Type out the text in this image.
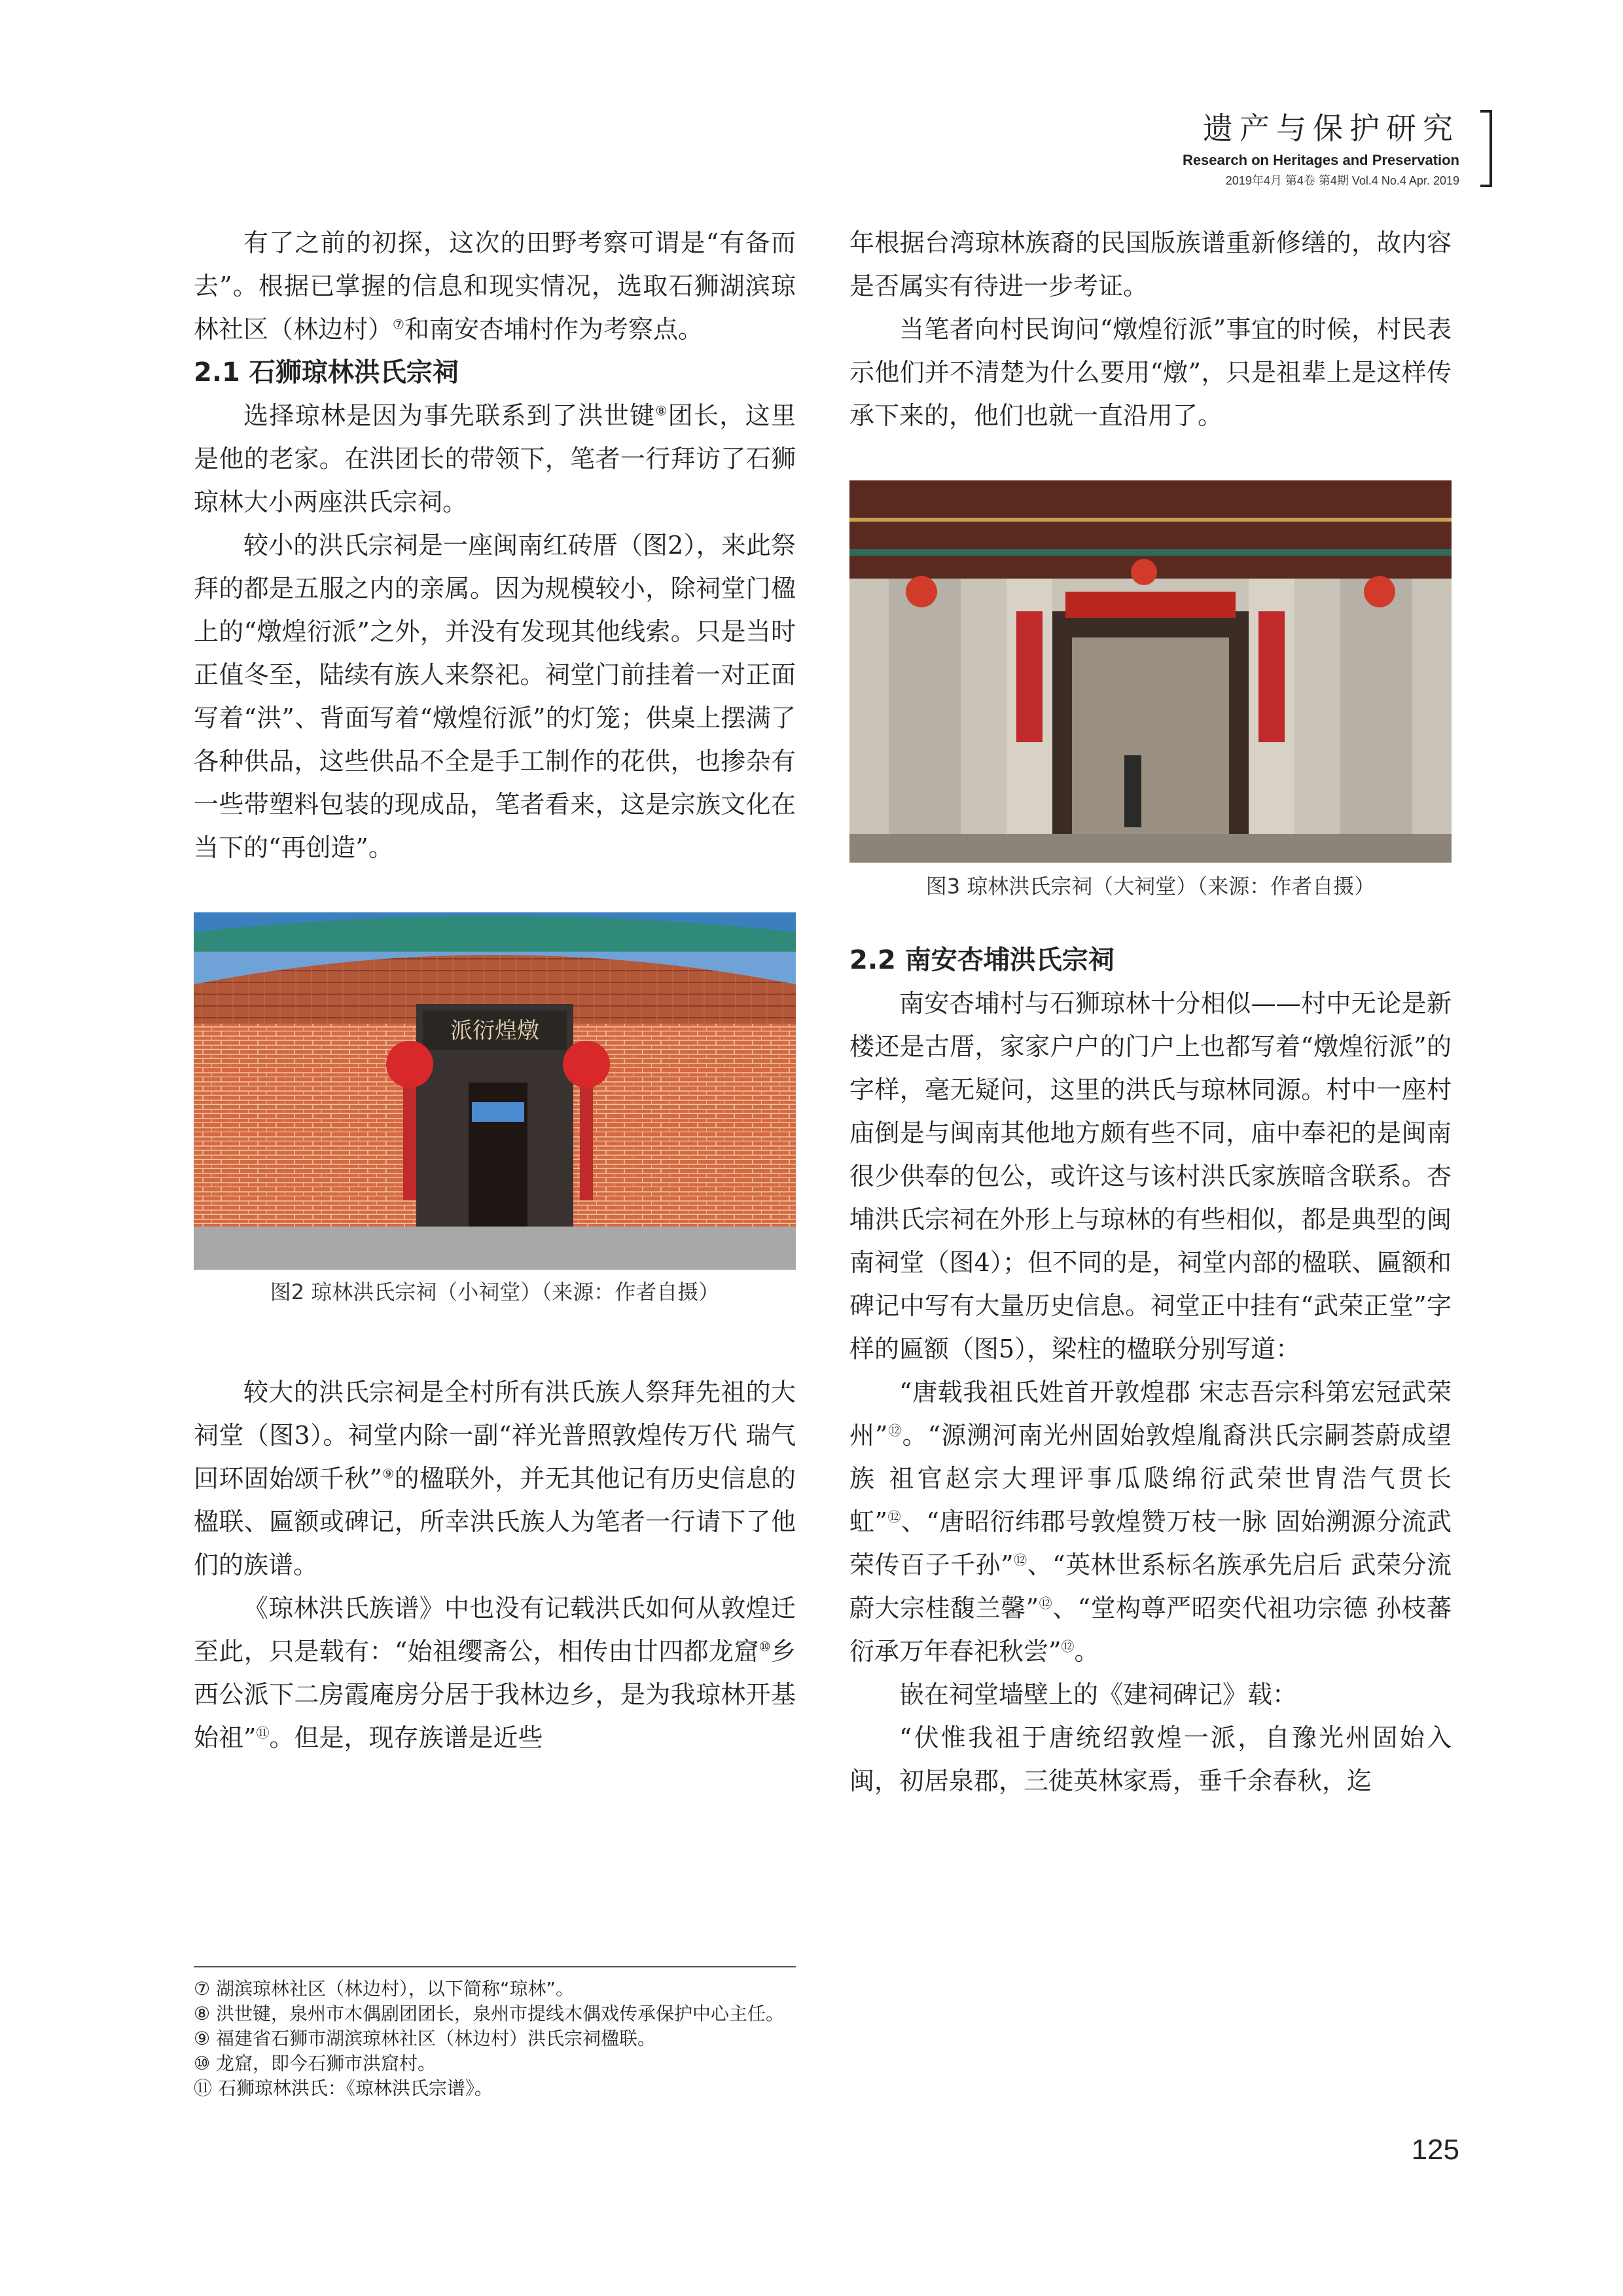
遗产与保护研究
Research on Heritages and Preservation
2019年4月 第4卷 第4期 Vol.4 No.4 Apr. 2019

有了之前的初探，这次的田野考察可谓是“有备而去”。根据已掌握的信息和现实情况，选取石狮湖滨琼林社区（林边村）⑦和南安杏埔村作为考察点。

2.1 石狮琼林洪氏宗祠

选择琼林是因为事先联系到了洪世键⑧团长，这里是他的老家。在洪团长的带领下，笔者一行拜访了石狮琼林大小两座洪氏宗祠。

较小的洪氏宗祠是一座闽南红砖厝（图2），来此祭拜的都是五服之内的亲属。因为规模较小，除祠堂门楹上的“燉煌衍派”之外，并没有发现其他线索。只是当时正值冬至，陆续有族人来祭祀。祠堂门前挂着一对正面写着“洪”、背面写着“燉煌衍派”的灯笼；供桌上摆满了各种供品，这些供品不全是手工制作的花供，也掺杂有一些带塑料包装的现成品，笔者看来，这是宗族文化在当下的“再创造”。

派衍煌燉
图2 琼林洪氏宗祠（小祠堂）（来源：作者自摄）

较大的洪氏宗祠是全村所有洪氏族人祭拜先祖的大祠堂（图3）。祠堂内除一副“祥光普照敦煌传万代 瑞气回环固始颂千秋”⑨的楹联外，并无其他记有历史信息的楹联、匾额或碑记，所幸洪氏族人为笔者一行请下了他们的族谱。

《琼林洪氏族谱》中也没有记载洪氏如何从敦煌迁至此，只是载有：“始祖缨斋公，相传由廿四都龙窟⑩乡西公派下二房霞庵房分居于我林边乡，是为我琼林开基始祖”⑪。但是，现存族谱是近些

年根据台湾琼林族裔的民国版族谱重新修缮的，故内容是否属实有待进一步考证。

当笔者向村民询问“燉煌衍派”事宜的时候，村民表示他们并不清楚为什么要用“燉”，只是祖辈上是这样传承下来的，他们也就一直沿用了。

图3 琼林洪氏宗祠（大祠堂）（来源：作者自摄）
2.2 南安杏埔洪氏宗祠

南安杏埔村与石狮琼林十分相似——村中无论是新楼还是古厝，家家户户的门户上也都写着“燉煌衍派”的字样，毫无疑问，这里的洪氏与琼林同源。村中一座村庙倒是与闽南其他地方颇有些不同，庙中奉祀的是闽南很少供奉的包公，或许这与该村洪氏家族暗含联系。杏埔洪氏宗祠在外形上与琼林的有些相似，都是典型的闽南祠堂（图4）；但不同的是，祠堂内部的楹联、匾额和碑记中写有大量历史信息。祠堂正中挂有“武荣正堂”字样的匾额（图5），梁柱的楹联分别写道：

“唐载我祖氏姓首开敦煌郡 宋志吾宗科第宏冠武荣州”⑫。“源溯河南光州固始敦煌胤裔洪氏宗嗣荟蔚成望族 祖官赵宗大理评事瓜瓞绵衍武荣世胄浩气贯长虹”⑫、“唐昭衍纬郡号敦煌赞万枝一脉 固始溯源分流武荣传百子千孙”⑫、“英林世系标名族承先启后 武荣分流蔚大宗桂馥兰馨”⑫、“堂构尊严昭奕代祖功宗德 孙枝蕃衍承万年春祀秋尝”⑫。

嵌在祠堂墙壁上的《建祠碑记》载：

“伏惟我祖于唐统绍敦煌一派，自豫光州固始入闽，初居泉郡，三徙英林家焉，垂千余春秋，迄

⑦ 湖滨琼林社区（林边村），以下简称“琼林”。
⑧ 洪世键，泉州市木偶剧团团长，泉州市提线木偶戏传承保护中心主任。
⑨ 福建省石狮市湖滨琼林社区（林边村）洪氏宗祠楹联。
⑩ 龙窟，即今石狮市洪窟村。
⑪ 石狮琼林洪氏：《琼林洪氏宗谱》。
125
